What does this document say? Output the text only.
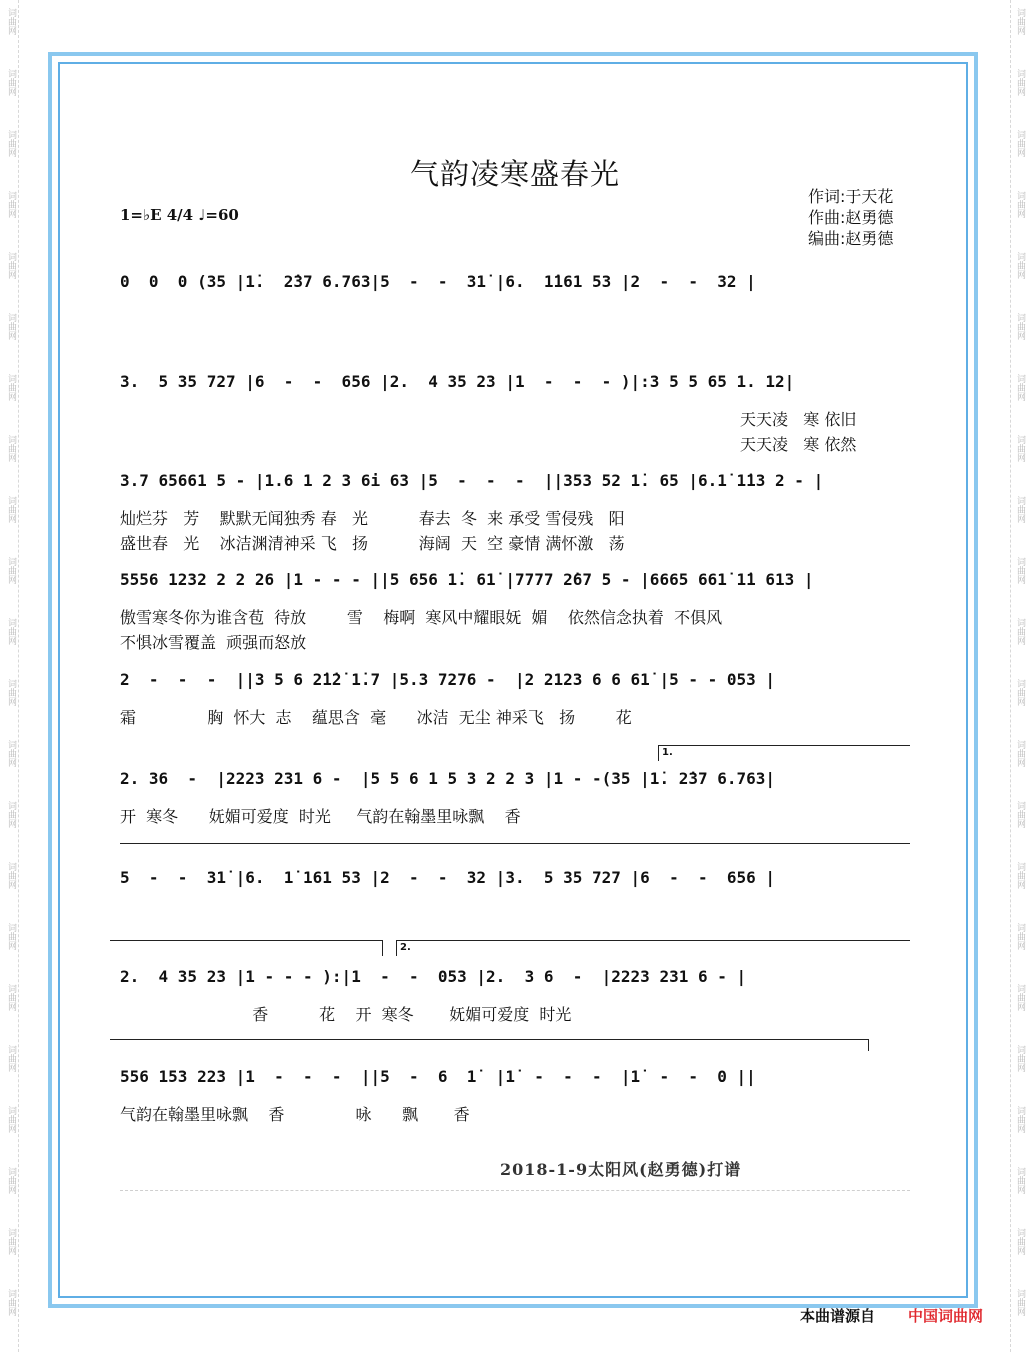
词曲网
词曲网
词曲网
词曲网
词曲网
词曲网
词曲网
词曲网
词曲网
词曲网
词曲网
词曲网
词曲网
词曲网
词曲网
词曲网
词曲网
词曲网
词曲网
词曲网
词曲网
词曲网
词曲网
词曲网
词曲网
词曲网
词曲网
词曲网
词曲网
词曲网
词曲网
词曲网
词曲网
词曲网
词曲网
词曲网
词曲网
词曲网
词曲网
词曲网
词曲网
词曲网
词曲网
词曲网
气韵凌寒盛春光
1=♭E 4/4 ♩=60
作词:于天花
作曲:赵勇德
编曲:赵勇德
0  0  0 (35 |1̇.  2̇37 6.763|5  -  -  31̇ |6.  1̇161 53 |2  -  -  32 |
3.  5 35 727 |6  -  -  656 |2.  4 35 23 |1  -  -  - )|:3 5 5 65 1. 12|
天天凌   寒 依旧
天天凌   寒 依然
3.7 65661 5 - |1.6 1 2 3 6i 63 |5  -  -  -  ||353 52 1̇. 65 |6.1̇ 1̇13 2 - |
灿烂芬   芳    默默无闻独秀 春   光          春去  冬  来 承受 雪侵残   阳
盛世春   光    冰洁渊清神采 飞   扬          海阔  天  空 豪情 满怀激   荡
5556 1232 2 2 26 |1 - - - ||5 656 1̇. 61̇ |7777 2̇67 5 - |6665 661̇ 1̇1 613 |
傲雪寒冬你为谁含苞  待放        雪    梅啊  寒风中耀眼妩  媚    依然信念执着  不俱风
不惧冰雪覆盖  顽强而怒放
2  -  -  -  ||3 5 6 2̇1̇2̇ 1̇.7 |5.3 7276 -  |2 2123 6 6 61̇ |5 - - 053 |
霜              胸  怀大  志    蕴思含  毫      冰洁  无尘 神采飞   扬        花
1.
2. 36  -  |2223 231 6 -  |5 5 6 1 5 3 2 2 3 |1 - -(35 |1̇. 2̇37 6.763|
开  寒冬      妩媚可爱度  时光     气韵在翰墨里咏飘    香
5  -  -  31̇ |6.  1̇ 161 53 |2  -  -  32 |3.  5 35 727 |6  -  -  656 |
2.
2.  4 35 23 |1 - - - ):|1  -  -  053 |2.  3 6  -  |2223 231 6 - |
香          花    开  寒冬       妩媚可爱度  时光
556 153 223 |1  -  -  -  ||5  -  6  1̇  |1̇  -  -  -  |1̇  -  -  0 ||
气韵在翰墨里咏飘    香              咏      飘       香
2018-1-9太阳风(赵勇德)打谱
本曲谱源自 中国词曲网
